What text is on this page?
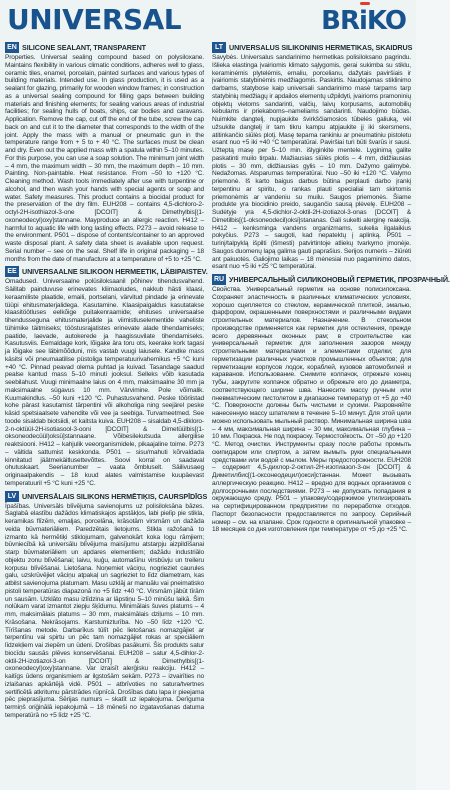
UNIVERSAL	BRiKO
EN SILICONE SEALANT, TRANSPARENT

Properties. Universal sealing compound based on polysiloxane. Maintains flexibility in various climatic conditions, adheres well to glass, ceramic tiles, enamel, porcelain, painted surfaces and various types of building materials. Intended use. In glass production, it is used as a sealant for glazing, primarily for wooden window frames; in construction as a universal sealing compound for filling gaps between building materials and finishing elements; for sealing various areas of industrial facilities; for sealing hulls of boats, ships, car bodies and caravans. Application. Remove the cap, cut off the end of the tube, screw the cap back on and cut it to the diameter that corresponds to the width of the joint. Apply the mass with a manual or pneumatic gun in the temperature range from + 5 to + 40 °C. The surfaces must be clean and dry. Even out the applied mass with a spatula within 5–10 minutes. For this purpose, you can use a soap solution. The minimum joint width – 4 mm, the maximum width – 30 mm, the maximum depth – 10 mm. Painting. Non-paintable. Heat resistance. From –50 to +120 °C. Cleaning method. Wash tools immediately after use with turpentine or alcohol, and then wash your hands with special agents or soap and water. Safety measures. This product contains a biocidal product for the preservation of the dry film. EUH208 – contains 4,5-dichloro-2-octyl-2H-isothiazol-3-one [DCOIT] & Dimethylbis[(1-oxoneodecyl)oxy]stannane. Mayproduce an allergic reaction. H412 – harmful to aquatic life with long lasting effects. P273 – avoid release to the environment. P501 – dispose of contents/container to an approved waste disposal plant. A safety data sheet is available upon request. Serial number – see on the seal. Shelf life in original packaging – 18 months from the date of manufacture at a temperature of +5 to +25 °C.

EE UNIVERSAALNE SILIKOON HERMEETIK, LÄBIPAISTEV.

Omadused. Universaalne polüsiloksaanil põhinev tihendusvahend. Säilitab painduvuse erinevates kliimaoludes, nakkub hästi klaasi, keraamiliste plaatide, emaili, portselani, värvitud pindade ja erinevate tüüpi ehitusmaterjalidega. Kasutamine. Klaasipaigaldus kasutatakse klaasitöötluses eelkõige puitakenraamide; ehituses universaalse tihendusseguna ehitusmaterjalide ja viimistluselementide vaheliste tühimike täitmiseks; tööstusrajatistes erinevate alade tihendamiseks; paatide, laevade, autokerede ja haagissuvilate tihendamiseks. Kasutusviis. Eemaldage kork, lõigake ära toru ots, keerake kork tagasi ja lõigake see läbimõõduni, mis vastab vuugi laiusele. Kandke mass käsitsi või pneumaatilise püstoliga temperatuurivahemikus +5 °C kuni +40 °C. Pinnad peavad olema puhtad ja kuivad. Tasandage saadud pealse kantud mass 5–10 minuti jooksul. Selleks võib kasutada seebilahust. Vuugi minimaalne laius on 4 mm, maksimaalne 30 mm ja maksimaalne sügavus 10 mm. Värvimine. Pole võimalik. Kuumakindlus. –50 kuni +120 °C. Puhastusvahend. Peske tööriistad kohe pärast kasutamist tärpentini või alkoholiga ning seejärel peske käsid spetsiaalsete vahendite või vee ja seebiga. Turvameetmed. See toode sisaldab biotsiidi, et kaitsta kuiva. EUH208 – sisaldab 4,5-dikloro-2-n-oktüül-2H-isotiasool-3-ooni [DCOIT] & Dimetüülbis[(1-oksoneodecüül)oksü]stannaane. Võibesilekutsuda allergilise reaktsiooni. H412 – kahjulik veeorganismidele, pikaajaline toime. P273 – vältida sattumist keskkonda. P501 – sisu/mahuti kõrvaldada kinnitatud jäätmekäitlusettevõttes. Soovi korral on saadaval ohutuskaart. Seerianumber – vaata õmbluselt. Säilivusaeg originaalpakendis – 18 kuud alates valmistamise kuupäevast temperatuuril +5 °C kuni +25 °C.

LV UNIVERSĀLAIS SILIKONS HERMĒTIĶIS, CAURSPĪDĪGS

Īpašības. Universāls blīvējuma savienojums uz polisiloksāna bāzes. Saglabā elastību dažādos klimatiskajos apstākļos, labi pielīp pie stikla, keramikas flīzēm, emaljas, porcelāna, krāsotām virsmām un dažāda veida būvmateriāliem. Paredzētais lietojums. Stikla ražošanā to izmanto kā hermētiķi stiklojumam, galvenokārt koka logu rāmjiem; būvniecībā kā universālu blīvējuma maisījumu atstarpju aizpildīšanai starp būvmateriāliem un apdares elementiem; dažādu industriālo objektu zonu blīvēšanai; laivu, kuģu, automašīnu virsbūvju un treileru korpusu blīvēšanai. Lietošana. Noņemiet vāciņu, nogrieziet caurules galu, uzskrūvējiet vāciņu atpakaļ un sagrieziet to līdz diametram, kas atbilst savienojuma platumam. Masu uzklāj ar manuālu vai pneimatisko pistoli temperatūras diapazonā no +5 līdz +40 °C. Virsmām jābūt tīrām un sausām. Uzklāto masu izlīdzina ar lāpstiņu 5–10 minūšu laikā. Šim nolūkam varat izmantot ziepju šķīdumu. Minimālais šuves platums – 4 mm, maksimālais platums – 30 mm, maksimālais dziļums – 10 mm. Krāsošana. Nekrāsojams. Karstumizturība. No –50 līdz +120 °C. Tīrīšanas metode. Darbarīkus tūlīt pēc lietošanas nomazgājiet ar terpentīnu vai spirtu un pēc tam nomazgājiet rokas ar speciāliem līdzekļiem vai ziepēm un ūdeni. Drošības pasākumi. Šis produkts satur biocīdu sausās plēves konservēšanai. EUH208 – satur 4,5-dihlor-2-oktil-2H-izotiazol-3-on [DCOIT] & Dimethylbis[(1-oxoneodecyl)oxy]stannane. Var izraisīt alerģisku reakciju. H412 – kaitīgs ūdens organismiem ar ilgstošām sekām. P273 – izvairīties no izlaišanas apkārtējā vidē. P501 – atbrīvoties no satura/tvertnes sertificētā atkritumu pārstrādes rūpnīcā. Drošības datu lapa ir pieejama pēc pieprasījuma. Sērijas numurs – skatīt uz iepakojuma. Derīguma termiņš oriģinālā iepakojumā – 18 mēneši no izgatavošanas datuma temperatūrā no +5 līdz +25 °C.

LT UNIVERSALUS SILIKONINIS HERMETIKAS, SKAIDRUS

Savybės. Universalus sandarinimo hermetikas polisiloksano pagrindu. Išlieka elastinga įvairiomis klimato sąlygomis, gerai sukimba su stiklu, keraminėmis plytelėmis, emaliu, porcelianu, dažytais paviršiais ir įvairiomis statybinėmis medžiagomis. Paskirtis. Naudojamas stiklinimo darbams, statybose kaip universali sandarinimo masė tarpams tarp statybinių medžiagų ir apdailos elementų užpildyti, įvairioms pramoninių objektų vietoms sandarinti, valčių, laivų korpusams, automobilių kėbulams ir priekaboms–nameliams sandarinti. Naudojimo būdas. Nuimkite dangtelį, nupjaukite švirkščiamosios tūbelės galiuką, vėl užsukite dangtelį ir tam tikru kampu atpjaukite jį iki skersmens, atitinkančio siūlės plotį. Masę tepama rankiniu ar pneumatiniu pistoletu esant nuo +5 iki +40 °C temperatūrai. Paviršiai turi būti švarūs ir sausi. Užteptą masę per 5–10 min. išlyginkite mentele. Lyginimą galite paskatinti muilo tirpalu. Mažiausias siūlės plotis – 4 mm, didžiausias plotis – 30 mm, didžiausias gylis – 10 mm. Dažymo galimybė. Nedažomas. Atsparumas temperatūrai. Nuo –50 iki +120 °C. Valymo priemonė. Iš karto baigus darbus būtina perplauti darbo įrankį terpentinu ar spiritu, o rankas plauti specialiai tam skirtomis priemonėmis ar vandeniu su muilu. Saugos priemonės. Šiame produkte yra biocidinio preido, saugančio sausą plėvelę. EUH208 – Sudėtyje yra 4,5-dichlor-2-oktil-2H-izotiazol-3-onas [DCOIT] & Dimetilbis[(1-oksoneodecil)oksi]stananas. Gali sukelti alerginę reakciją. H412 – kenksminga vandens organizmams, sukelia ilgalaikius pokyčius. P273 – saugoti, kad nepatektų į aplinką. P501 – turinį/talpyklą išpilti (išmesti) patvirtintoje atliekų tvarkymo įmonėje. Saugos duomenų lapą galima gauti paprašius. Serijos numeris – žiūrėti ant pakuotės. Galiojimo laikas – 18 mėnesiai nuo pagaminimo datos, esant nuo +5 iki +25 °C temperatūrai.

RU УНИВЕРСАЛЬНЫЙ СИЛИКОНОВЫЙ ГЕРМЕТИК, ПРОЗРАЧНЫЙ.

Свойства. Универсальный герметик на основе полисилоксана. Сохраняет эластичность в различных климатических условиях, хорошо сцепляется со стеклом, керамической плиткой, эмалью, фарфором, окрашенными поверхностями и различными видами строительных материалов. Назначение. В стекольном производстве применяется как герметик для остекления, прежде всего деревянных оконных рам; в строительстве как универсальный герметик для заполнения зазоров между строительными материалами и элементами отделки; для герметизации различных участков промышленных объектов; для герметизации корпусов лодок, кораблей, кузовов автомобилей и караванов. Использование. Снимите колпачок, отрежьте конец тубы, закрутите колпачок обратно и обрежьте его до диаметра, соответствующего ширине шва. Нанесите массу ручным или пневматическим пистолетом в диапазоне температур от +5 до +40 °C. Поверхности должны быть чистыми и сухими. Разровняйте нанесенную массу шпателем в течение 5–10 минут. Для этой цели можно использовать мыльный раствор. Минимальная ширина шва – 4 мм, максимальная ширина – 30 мм, максимальная глубина – 10 мм. Покраска. Не под покраску. Термостойкость. От –50 до +120 °C. Метод очистки. Инструменты сразу после работы промыть скипидаром или спиртом, а затем вымыть руки специальными средствами или водой с мылом. Меры предосторожности. EUH208 – содержит 4,5-дихлор-2-октил-2Н-изотиазол-3-он [DCOIT] & Диметилбис[(1-оксонеодецил)окси]станнан. Может вызывать аллергическую реакцию. H412 – вредно для водных организмов с долгосрочными последствиями. P273 – не допускать попадания в окружающую среду. P501 – упаковку/содержимое утилизировать на сертифицированном предприятии по переработке отходов. Паспорт безопасности предоставляется по запросу. Серийный номер – см. на клапане. Срок годности в оригинальной упаковке – 18 месяцев со дня изготовления при температуре от +5 до +25 °C.
